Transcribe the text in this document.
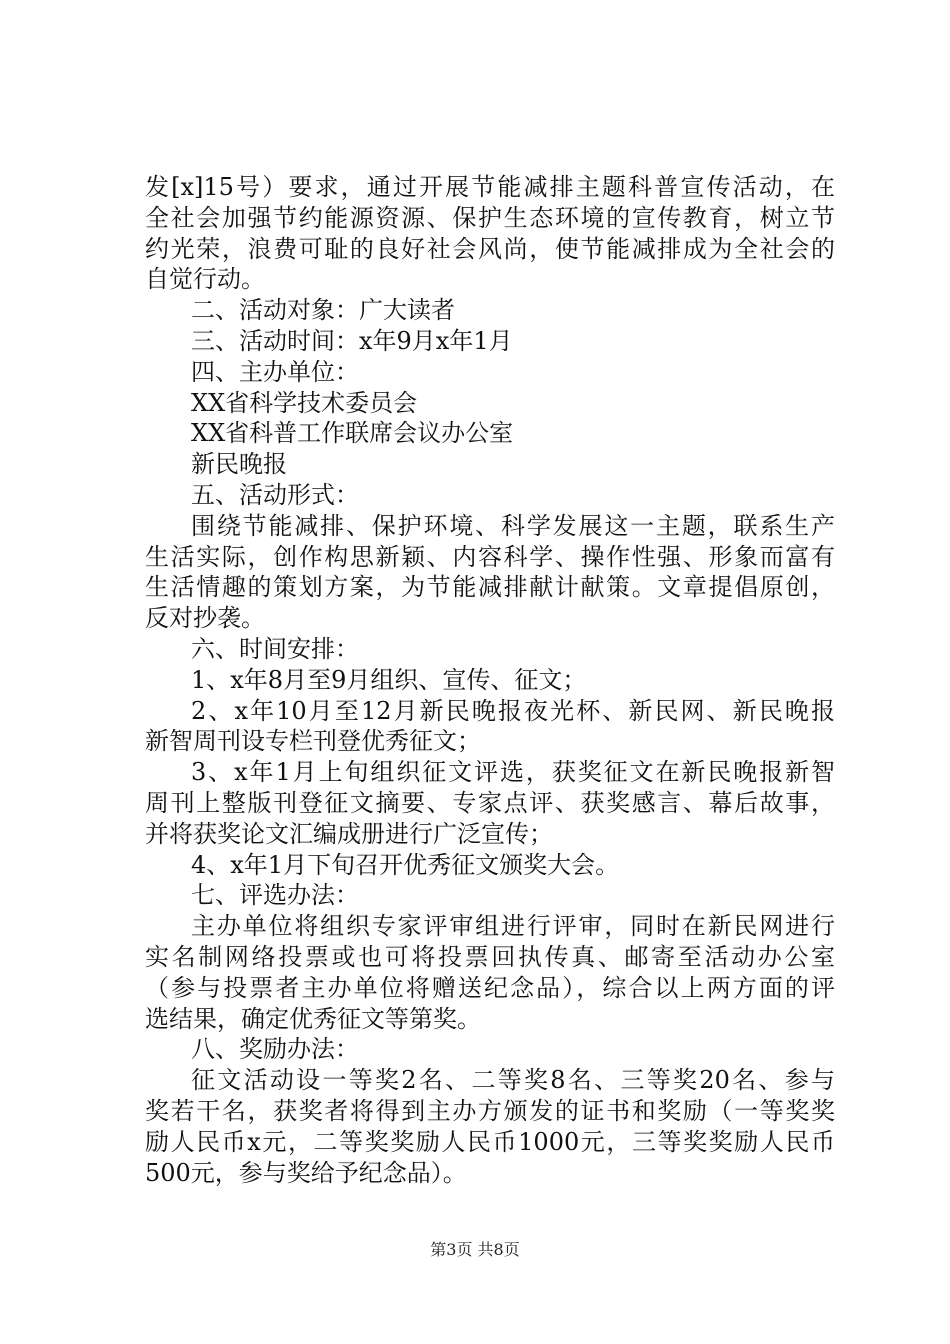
发[x]15号）要求，通过开展节能减排主题科普宣传活动，在
全社会加强节约能源资源、保护生态环境的宣传教育，树立节
约光荣，浪费可耻的良好社会风尚，使节能减排成为全社会的
自觉行动。
二、活动对象：广大读者
三、活动时间：x年9月x年1月
四、主办单位：
XX省科学技术委员会
XX省科普工作联席会议办公室
新民晚报
五、活动形式：
围绕节能减排、保护环境、科学发展这一主题，联系生产
生活实际，创作构思新颖、内容科学、操作性强、形象而富有
生活情趣的策划方案，为节能减排献计献策。文章提倡原创，
反对抄袭。
六、时间安排：
1、x年8月至9月组织、宣传、征文；
2、x年10月至12月新民晚报夜光杯、新民网、新民晚报
新智周刊设专栏刊登优秀征文；
3、x年1月上旬组织征文评选，获奖征文在新民晚报新智
周刊上整版刊登征文摘要、专家点评、获奖感言、幕后故事，
并将获奖论文汇编成册进行广泛宣传；
4、x年1月下旬召开优秀征文颁奖大会。
七、评选办法：
主办单位将组织专家评审组进行评审，同时在新民网进行
实名制网络投票或也可将投票回执传真、邮寄至活动办公室
（参与投票者主办单位将赠送纪念品），综合以上两方面的评
选结果，确定优秀征文等第奖。
八、奖励办法：
征文活动设一等奖2名、二等奖8名、三等奖20名、参与
奖若干名，获奖者将得到主办方颁发的证书和奖励（一等奖奖
励人民币x元，二等奖奖励人民币1000元，三等奖奖励人民币
500元，参与奖给予纪念品）。
第3页 共8页
